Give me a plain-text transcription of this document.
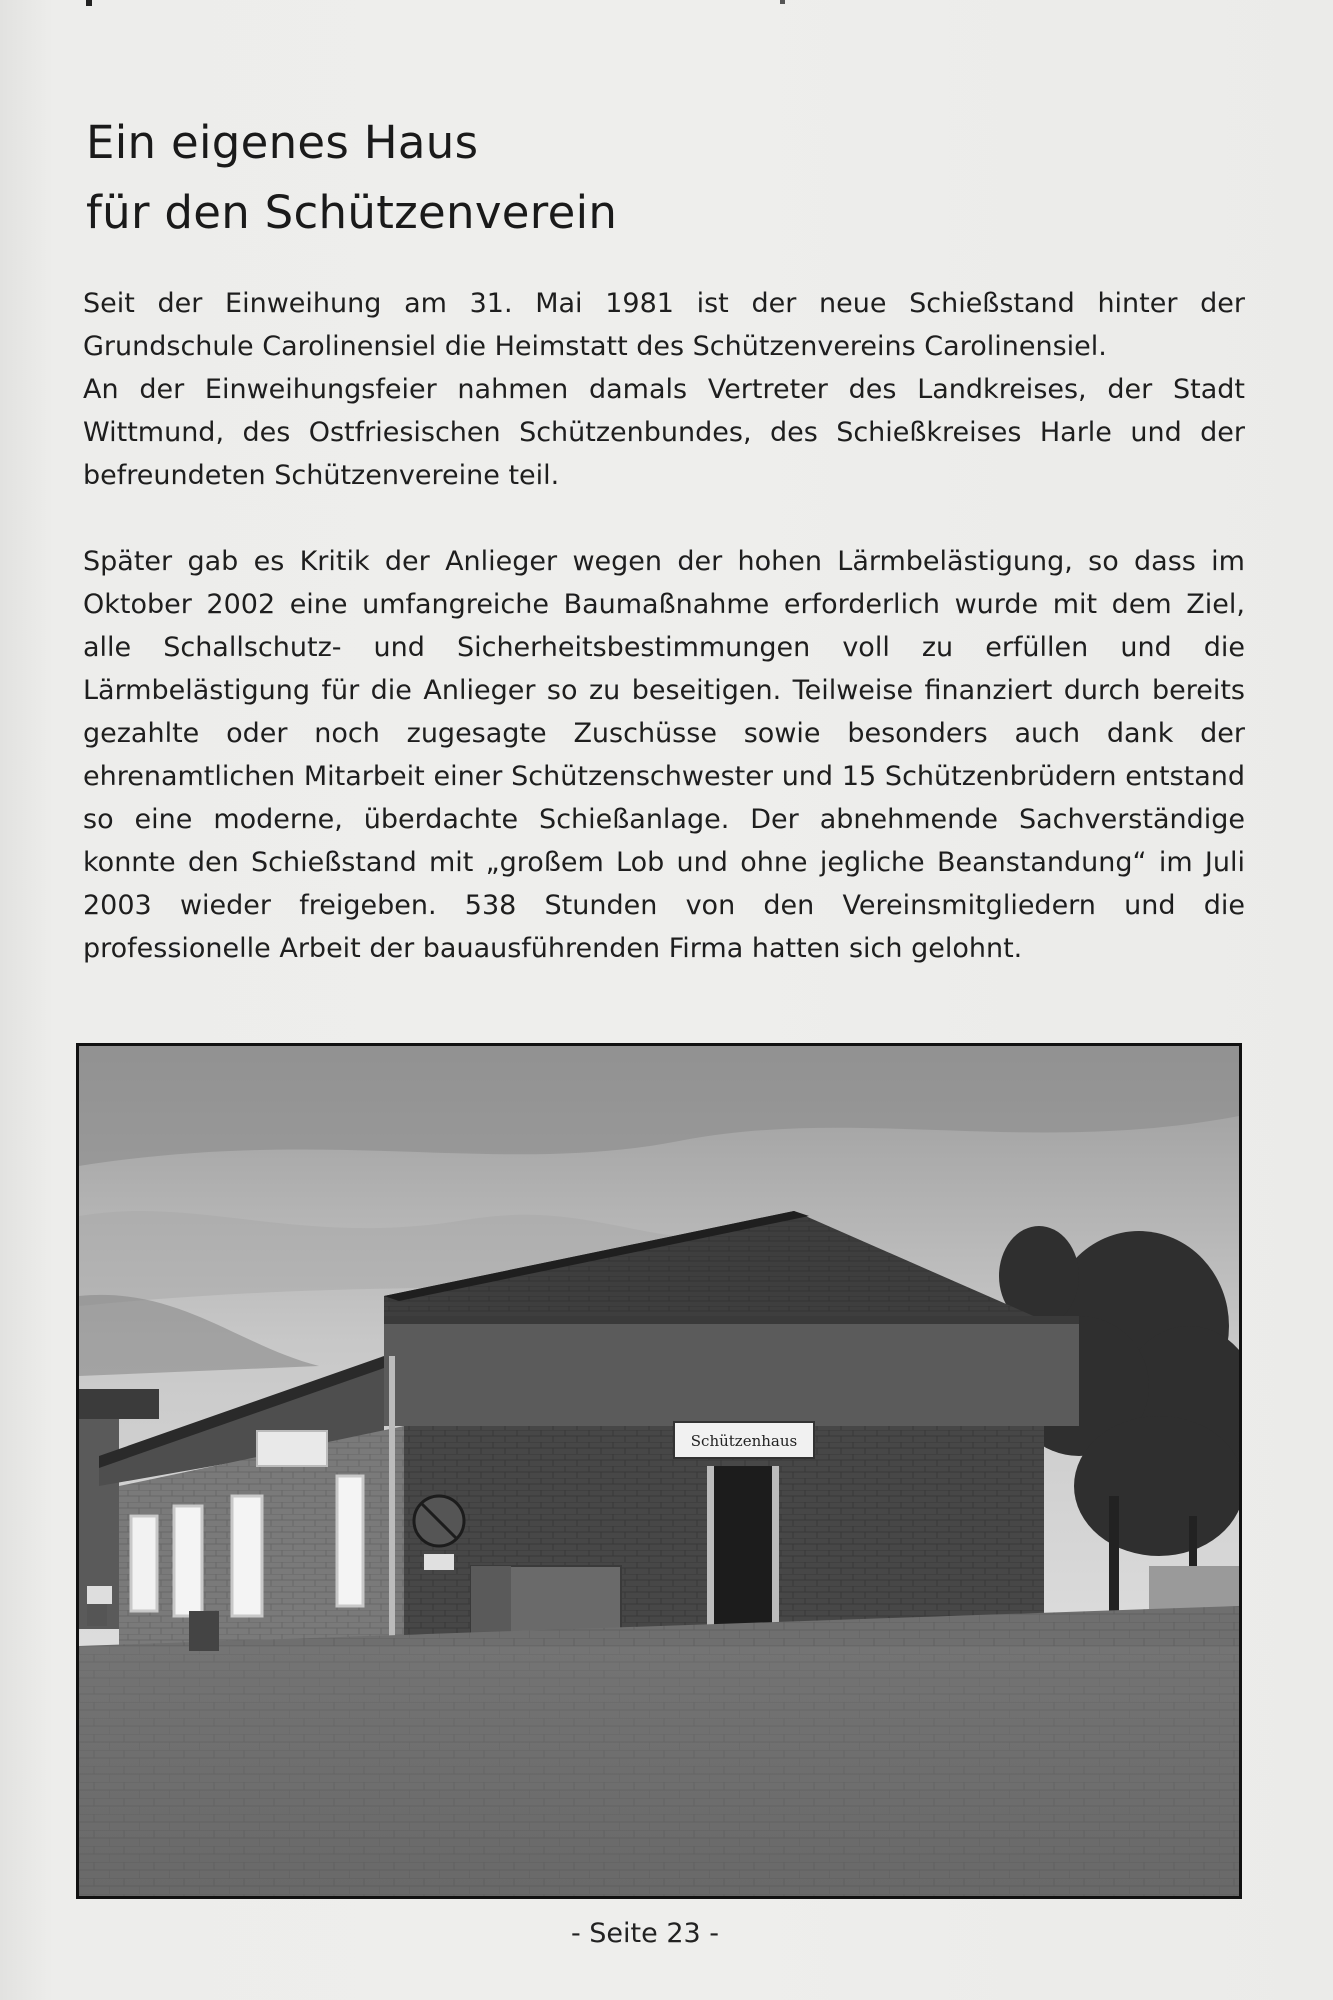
Ein eigenes Haus
für den Schützenverein

Seit der Einweihung am 31. Mai 1981 ist der neue Schießstand hinter der Grundschule Carolinensiel die Heimstatt des Schützenvereins Carolinensiel.

An der Einweihungsfeier nahmen damals Vertreter des Landkreises, der Stadt Wittmund, des Ostfriesischen Schützenbundes, des Schießkreises Harle und der befreundeten Schützenvereine teil.

Später gab es Kritik der Anlieger wegen der hohen Lärmbelästigung, so dass im Oktober 2002 eine umfangreiche Baumaßnahme erforderlich wurde mit dem Ziel, alle Schallschutz- und Sicherheitsbestimmungen voll zu erfüllen und die Lärmbelästigung für die Anlieger so zu beseitigen. Teilweise finanziert durch bereits gezahlte oder noch zugesagte Zuschüsse sowie besonders auch dank der ehrenamtlichen Mitarbeit einer Schützenschwester und 15 Schützenbrüdern entstand so eine moderne, überdachte Schießanlage. Der abnehmende Sachverständige konnte den Schießstand mit „großem Lob und ohne jegliche Beanstandung“ im Juli 2003 wieder freigeben. 538 Stunden von den Vereinsmitgliedern und die professionelle Arbeit der bauausführenden Firma hatten sich gelohnt.

Schützenhaus
- Seite 23 -
